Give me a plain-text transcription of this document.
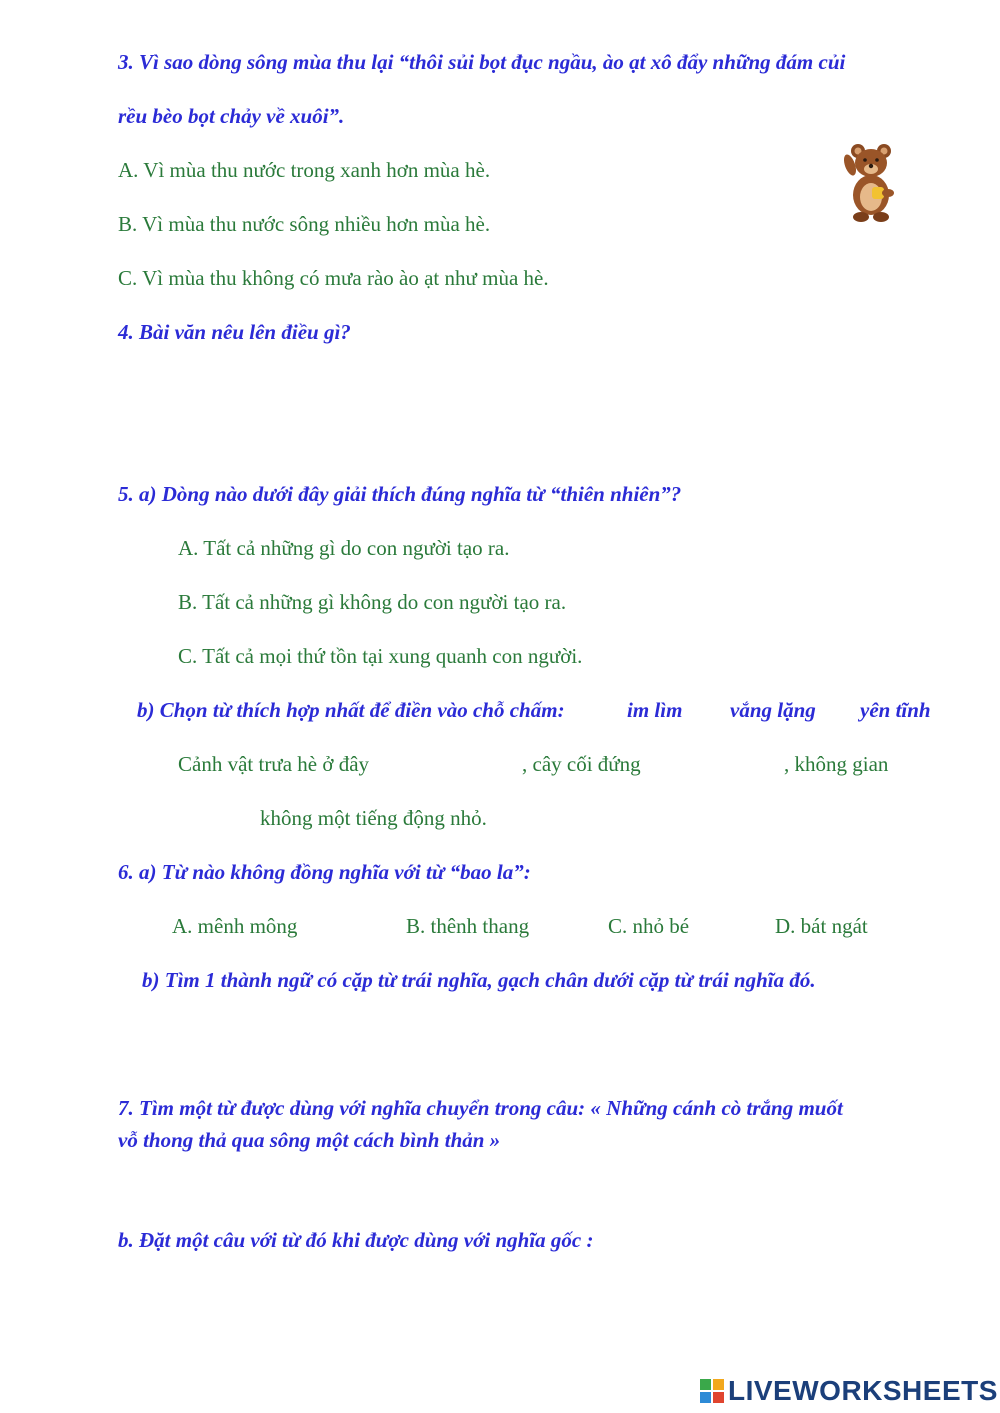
3. Vì sao dòng sông mùa thu lại “thôi sủi bọt đục ngầu, ào ạt xô đẩy những đám củi
rều bèo bọt chảy về xuôi”.
A. Vì mùa thu nước trong xanh hơn mùa hè.
B. Vì mùa thu nước sông nhiều hơn mùa hè.
C. Vì mùa thu không có mưa rào ào ạt như mùa hè.
4. Bài văn nêu lên điều gì?
5. a) Dòng nào dưới đây giải thích đúng nghĩa từ “thiên nhiên”?
A. Tất cả những gì do con người tạo ra.
B. Tất cả những gì không do con người tạo ra.
C. Tất cả mọi thứ tồn tại xung quanh con người.
b) Chọn từ thích hợp nhất để điền vào chỗ chấm:	im lìm vắng lặng yên tĩnh
Cảnh vật trưa hè ở đây	, cây cối đứng	, không gian
không một tiếng động nhỏ.
6. a) Từ nào không đồng nghĩa với từ “bao la”:
A. mênh mông	B. thênh thang	C. nhỏ bé	D. bát ngát
b) Tìm 1 thành ngữ có cặp từ trái nghĩa, gạch chân dưới cặp từ trái nghĩa đó.
7. Tìm một từ được dùng với nghĩa chuyển trong câu: « Những cánh cò trắng muốt
vỗ thong thả qua sông một cách bình thản »
b. Đặt một câu với từ đó khi được dùng với nghĩa gốc :
LIVEWORKSHEETS
